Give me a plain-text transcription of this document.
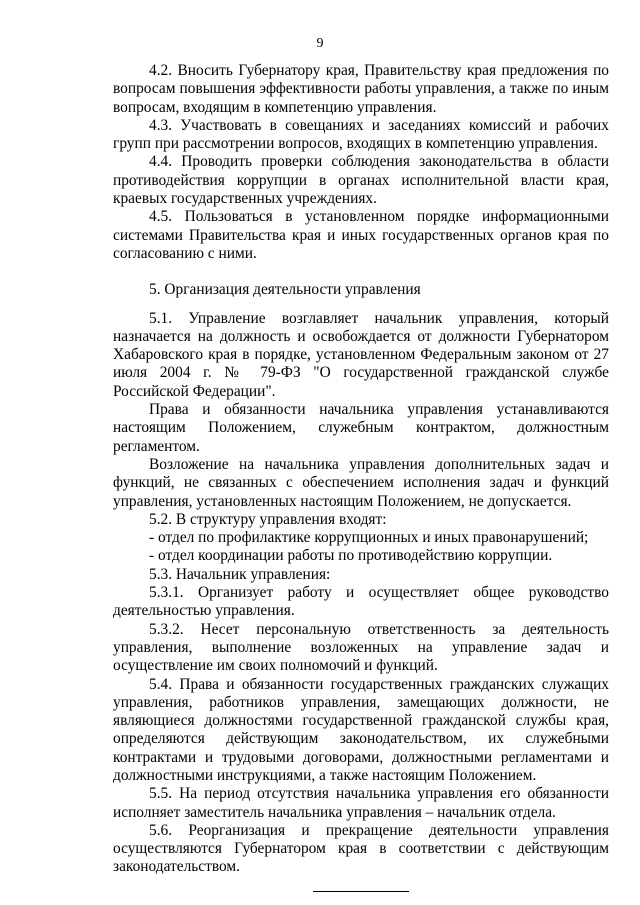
9

4.2. Вносить Губернатору края, Правительству края предложения по вопросам повышения эффективности работы управления, а также по иным вопросам, входящим в компетенцию управления.

4.3. Участвовать в совещаниях и заседаниях комиссий и рабочих групп при рассмотрении вопросов, входящих в компетенцию управления.

4.4. Проводить проверки соблюдения законодательства в области противодействия коррупции в органах исполнительной власти края, краевых государственных учреждениях.

4.5. Пользоваться в установленном порядке информационными системами Правительства края и иных государственных органов края по согласованию с ними.

5. Организация деятельности управления

5.1. Управление возглавляет начальник управления, который назначается на должность и освобождается от должности Губернатором Хабаровского края в порядке, установленном Федеральным законом от 27 июля 2004 г. № 79-ФЗ "О государственной гражданской службе Российской Федерации".

Права и обязанности начальника управления устанавливаются настоящим Положением, служебным контрактом, должностным регламентом.

Возложение на начальника управления дополнительных задач и функций, не связанных с обеспечением исполнения задач и функций управления, установленных настоящим Положением, не допускается.

5.2. В структуру управления входят:

- отдел по профилактике коррупционных и иных правонарушений;

- отдел координации работы по противодействию коррупции.

5.3. Начальник управления:

5.3.1. Организует работу и осуществляет общее руководство деятельностью управления.

5.3.2. Несет персональную ответственность за деятельность управления, выполнение возложенных на управление задач и осуществление им своих полномочий и функций.

5.4. Права и обязанности государственных гражданских служащих управления, работников управления, замещающих должности, не являющиеся должностями государственной гражданской службы края, определяются действующим законодательством, их служебными контрактами и трудовыми договорами, должностными регламентами и должностными инструкциями, а также настоящим Положением.

5.5. На период отсутствия начальника управления его обязанности исполняет заместитель начальника управления – начальник отдела.

5.6. Реорганизация и прекращение деятельности управления осуществляются Губернатором края в соответствии с действующим законодательством.
